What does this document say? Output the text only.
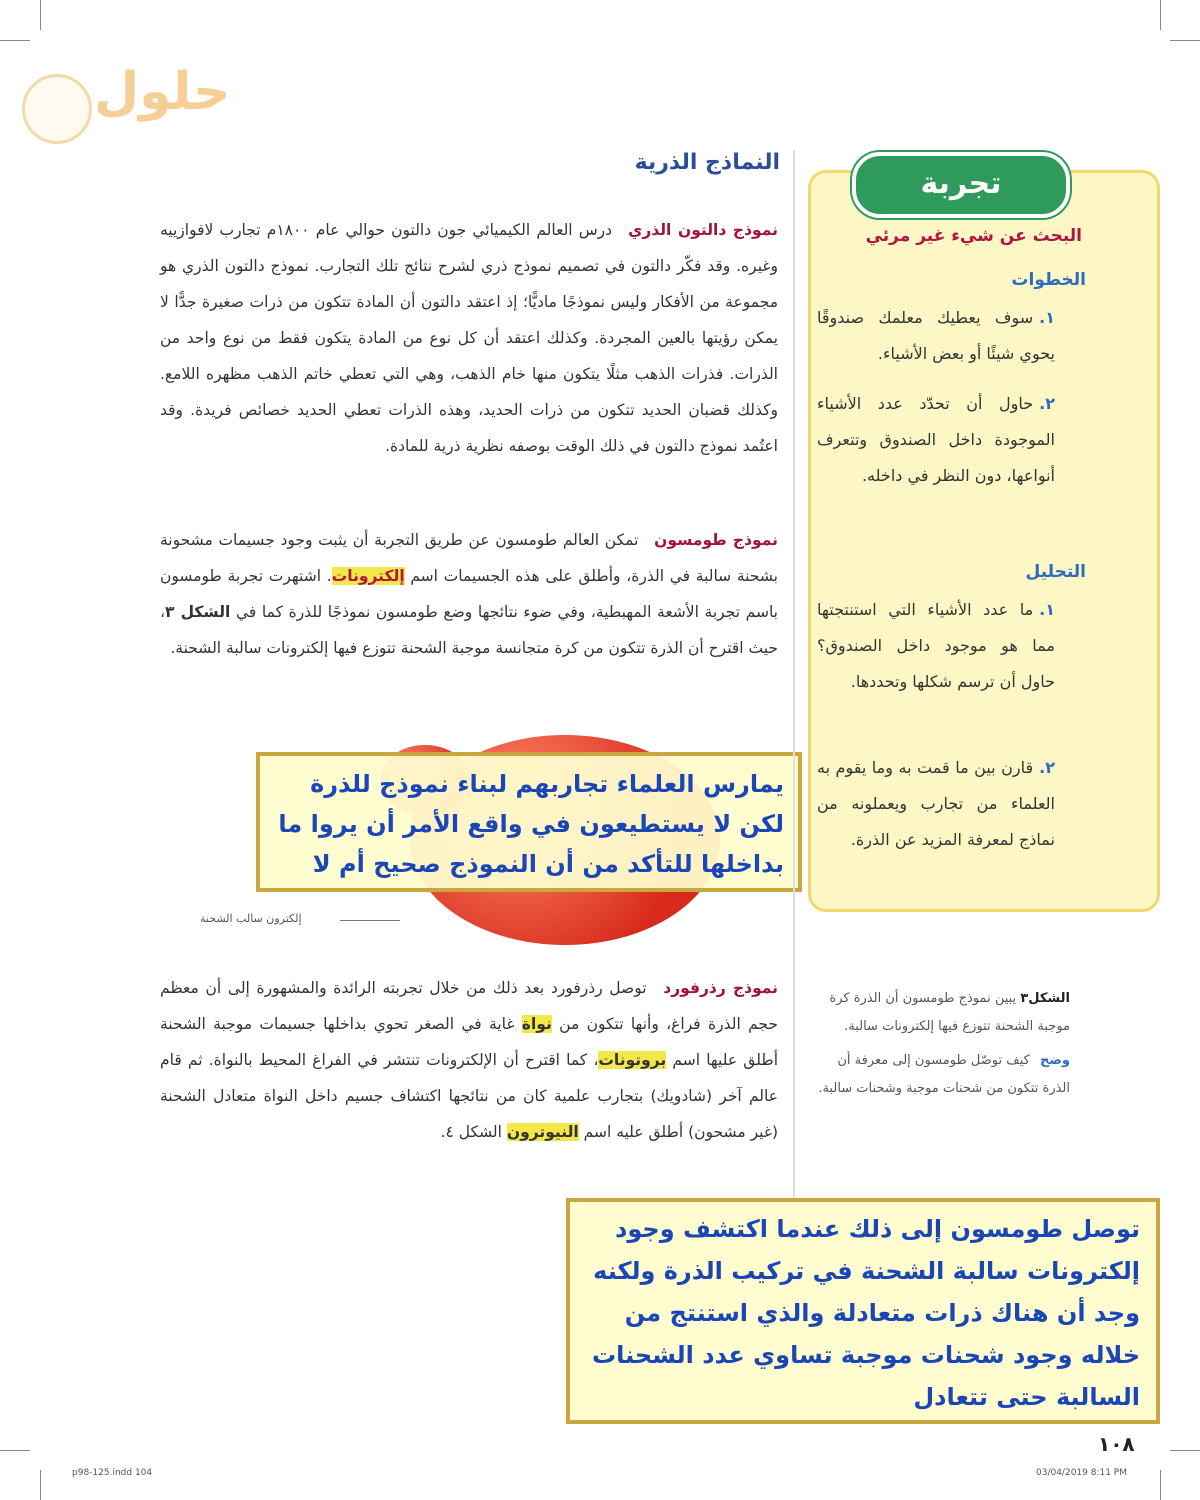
حلول
النماذج الذرية

نموذج دالتون الذري درس العالم الكيميائي جون دالتون حوالي عام ١٨٠٠م تجارب لافوازييه وغيره. وقد فكّر دالتون في تصميم نموذج ذري لشرح نتائج تلك التجارب. نموذج دالتون الذري هو مجموعة من الأفكار وليس نموذجًا ماديًّا؛ إذ اعتقد دالتون أن المادة تتكون من ذرات صغيرة جدًّا لا يمكن رؤيتها بالعين المجردة. وكذلك اعتقد أن كل نوع من المادة يتكون فقط من نوع واحد من الذرات. فذرات الذهب مثلًا يتكون منها خام الذهب، وهي التي تعطي خاتم الذهب مظهره اللامع. وكذلك قضبان الحديد تتكون من ذرات الحديد، وهذه الذرات تعطي الحديد خصائص فريدة. وقد اعتُمد نموذج دالتون في ذلك الوقت بوصفه نظرية ذرية للمادة.

نموذج طومسون تمكن العالم طومسون عن طريق التجربة أن يثبت وجود جسيمات مشحونة بشحنة سالبة في الذرة، وأطلق على هذه الجسيمات اسم إلكترونات. اشتهرت تجربة طومسون باسم تجربة الأشعة المهبطية، وفي ضوء نتائجها وضع طومسون نموذجًا للذرة كما في الشكل ٣، حيث اقترح أن الذرة تتكون من كرة متجانسة موجبة الشحنة تتوزع فيها إلكترونات سالبة الشحنة.

إلكترون سالب الشحنة
يمارس العلماء تجاربهم لبناء نموذج للذرة لكن لا يستطيعون في واقع الأمر أن يروا ما بداخلها للتأكد من أن النموذج صحيح أم لا

نموذج رذرفورد توصل رذرفورد بعد ذلك من خلال تجربته الرائدة والمشهورة إلى أن معظم حجم الذرة فراغ، وأنها تتكون من نواة غاية في الصغر تحوي بداخلها جسيمات موجبة الشحنة أطلق عليها اسم بروتونات، كما اقترح أن الإلكترونات تنتشر في الفراغ المحيط بالنواة. ثم قام عالم آخر (شادويك) بتجارب علمية كان من نتائجها اكتشاف جسيم داخل النواة متعادل الشحنة (غير مشحون) أطلق عليه اسم النيوترون الشكل ٤.

تجربة
البحث عن شيء غير مرئي
الخطوات
١.سوف يعطيك معلمك صندوقًا يحوي شيئًا أو بعض الأشياء.
٢.حاول أن تحدّد عدد الأشياء الموجودة داخل الصندوق وتتعرف أنواعها، دون النظر في داخله.
التحليل
١.ما عدد الأشياء التي استنتجتها مما هو موجود داخل الصندوق؟ حاول أن ترسم شكلها وتحددها.
٢.قارن بين ما قمت به وما يقوم به العلماء من تجارب ويعملونه من نماذج لمعرفة المزيد عن الذرة.
الشكل٣ يبين نموذج طومسون أن الذرة كرة موجبة الشحنة تتوزع فيها إلكترونات سالبة.
وضح كيف توصّل طومسون إلى معرفة أن الذرة تتكون من شحنات موجبة وشحنات سالبة.
توصل طومسون إلى ذلك عندما اكتشف وجود إلكترونات سالبة الشحنة في تركيب الذرة ولكنه وجد أن هناك ذرات متعادلة والذي استنتج من خلاله وجود شحنات موجبة تساوي عدد الشحنات السالبة حتى تتعادل
١٠٨
p98-125.indd 104	03/04/2019 8:11 PM
